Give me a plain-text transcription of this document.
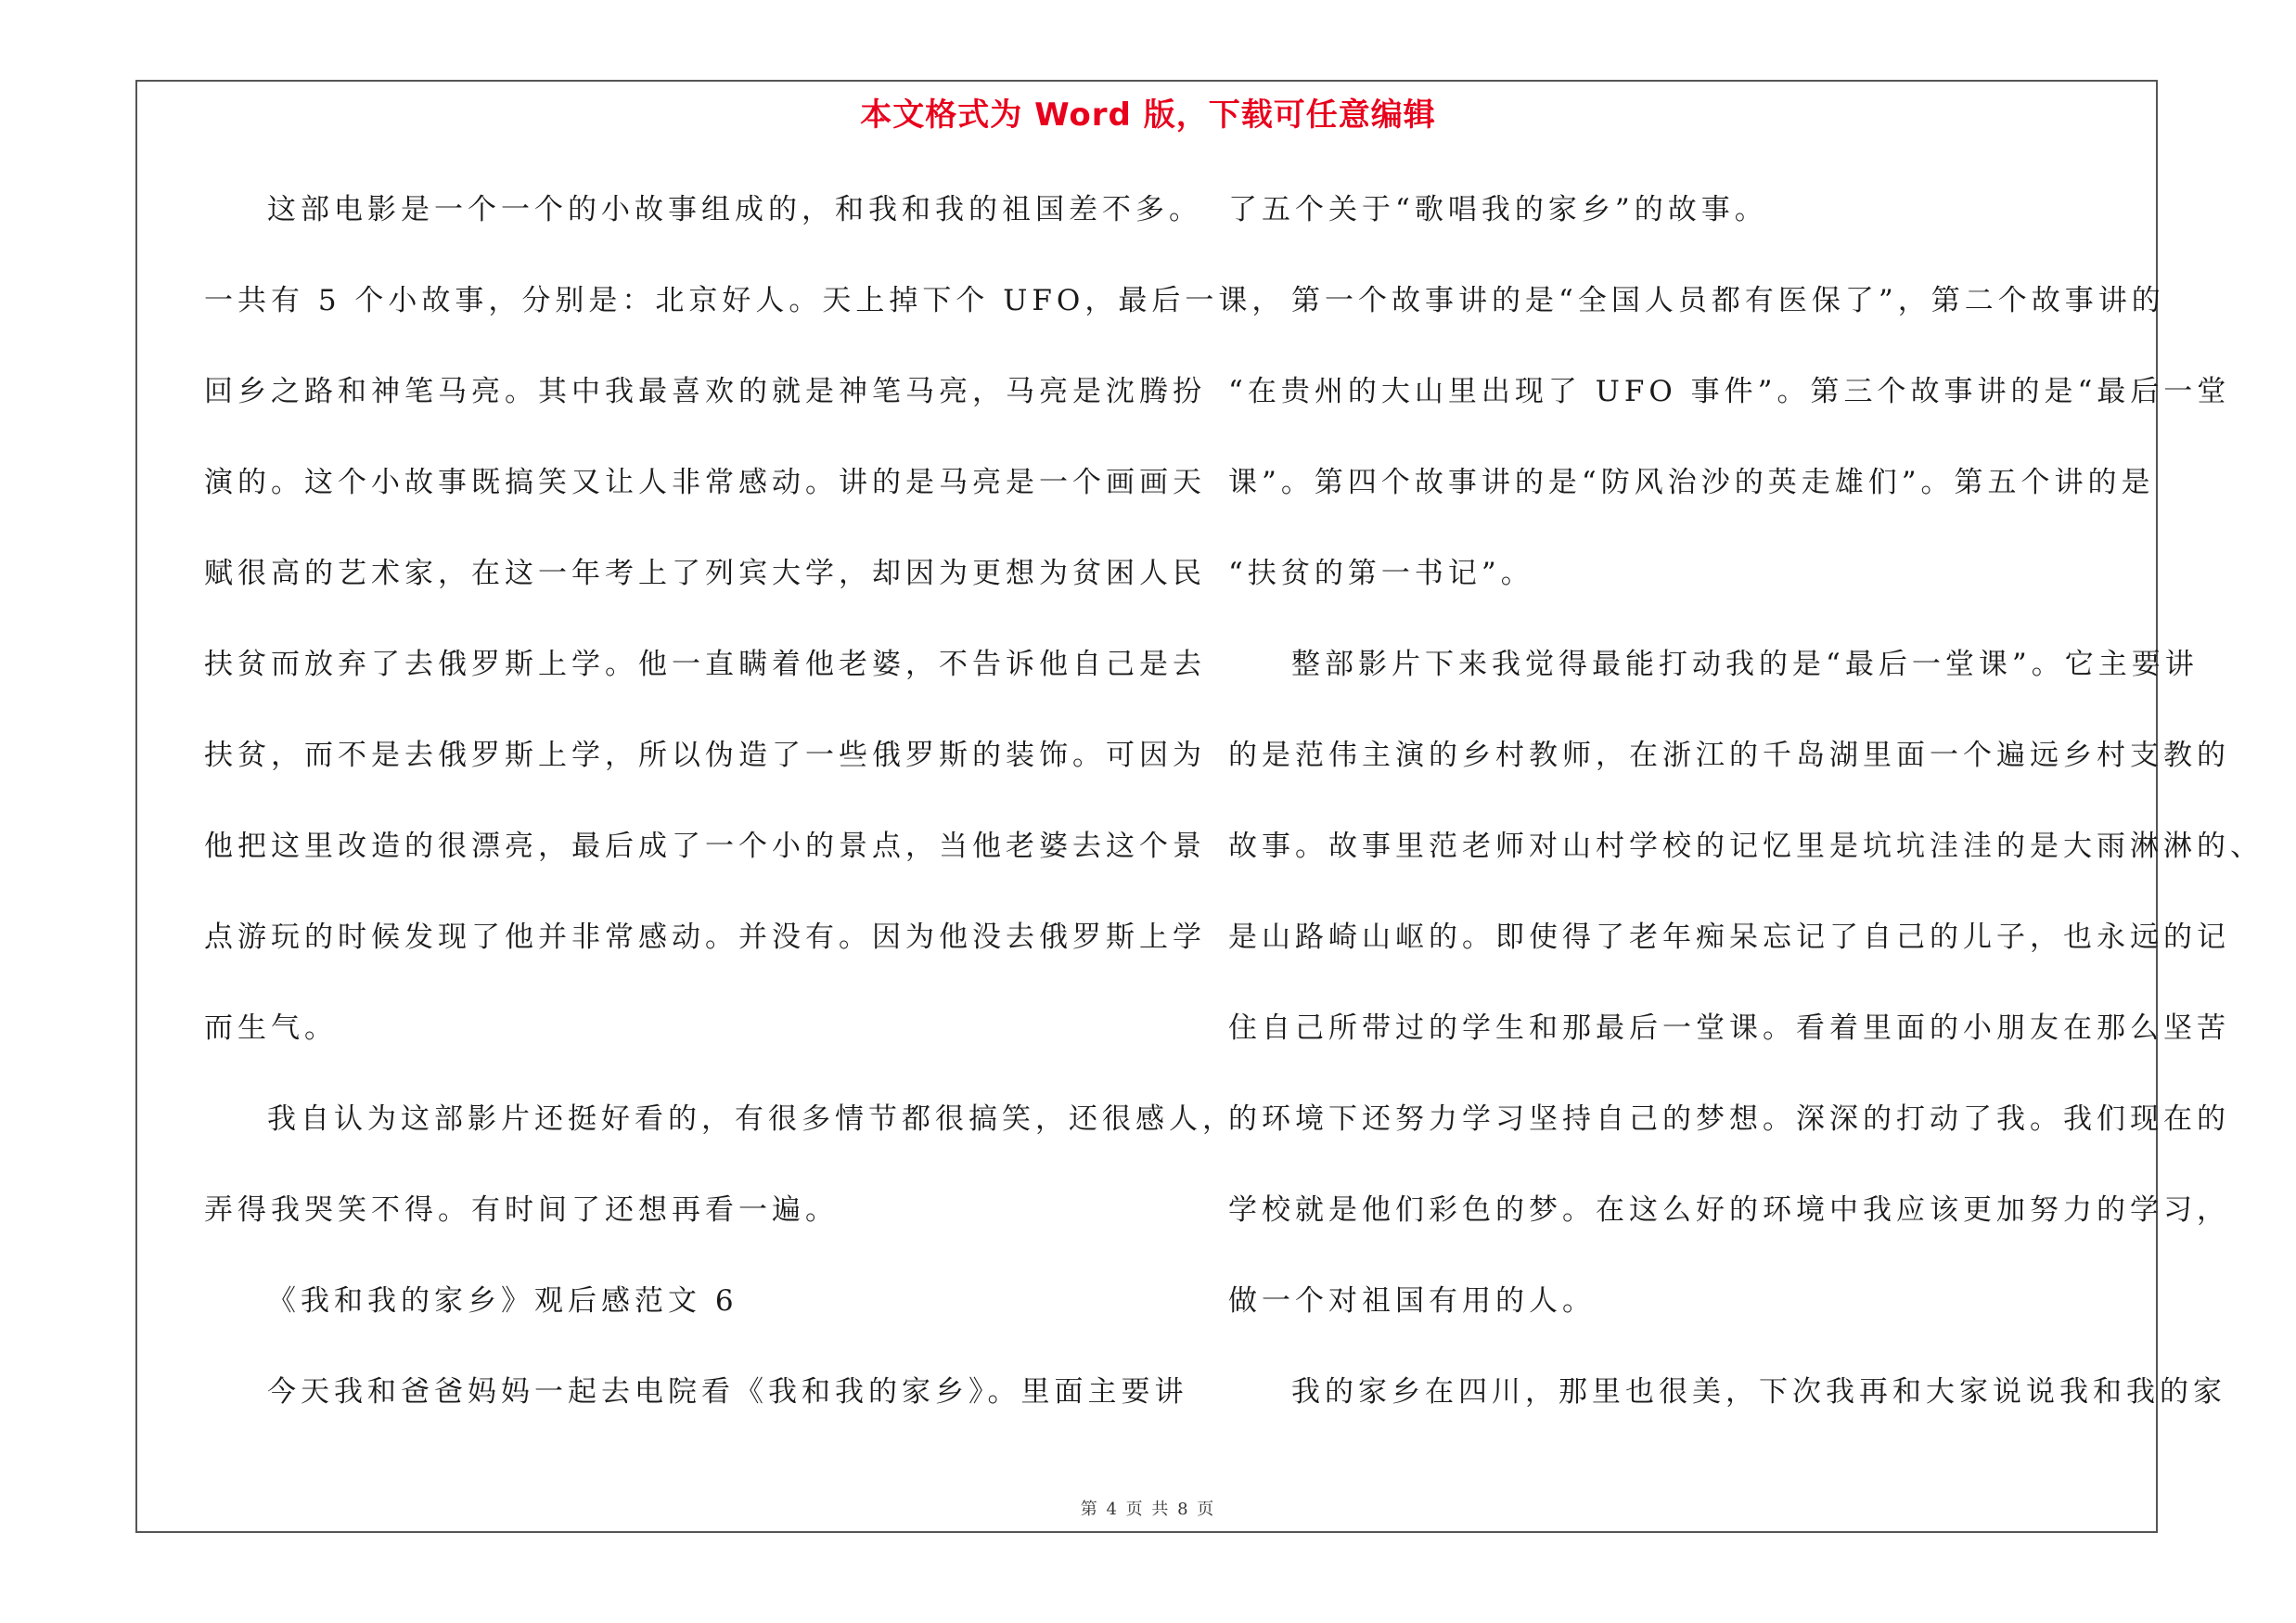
本文格式为 Word 版，下载可任意编辑
这部电影是一个一个的小故事组成的，和我和我的祖国差不多。
一共有 5 个小故事，分别是：北京好人。天上掉下个 UFO，最后一课，
回乡之路和神笔马亮。其中我最喜欢的就是神笔马亮，马亮是沈腾扮
演的。这个小故事既搞笑又让人非常感动。讲的是马亮是一个画画天
赋很高的艺术家，在这一年考上了列宾大学，却因为更想为贫困人民
扶贫而放弃了去俄罗斯上学。他一直瞒着他老婆，不告诉他自己是去
扶贫，而不是去俄罗斯上学，所以伪造了一些俄罗斯的装饰。可因为
他把这里改造的很漂亮，最后成了一个小的景点，当他老婆去这个景
点游玩的时候发现了他并非常感动。并没有。因为他没去俄罗斯上学
而生气。
我自认为这部影片还挺好看的，有很多情节都很搞笑，还很感人，
弄得我哭笑不得。有时间了还想再看一遍。
《我和我的家乡》观后感范文 6
今天我和爸爸妈妈一起去电院看《我和我的家乡》。里面主要讲
了五个关于“歌唱我的家乡”的故事。
第一个故事讲的是“全国人员都有医保了”，第二个故事讲的
“在贵州的大山里出现了 UFO 事件”。第三个故事讲的是“最后一堂
课”。第四个故事讲的是“防风治沙的英走雄们”。第五个讲的是
“扶贫的第一书记”。
整部影片下来我觉得最能打动我的是“最后一堂课”。它主要讲
的是范伟主演的乡村教师，在浙江的千岛湖里面一个遍远乡村支教的
故事。故事里范老师对山村学校的记忆里是坑坑洼洼的是大雨淋淋的、
是山路崎山岖的。即使得了老年痴呆忘记了自己的儿子，也永远的记
住自己所带过的学生和那最后一堂课。看着里面的小朋友在那么坚苦
的环境下还努力学习坚持自己的梦想。深深的打动了我。我们现在的
学校就是他们彩色的梦。在这么好的环境中我应该更加努力的学习，
做一个对祖国有用的人。
我的家乡在四川，那里也很美，下次我再和大家说说我和我的家
第 4 页 共 8 页
